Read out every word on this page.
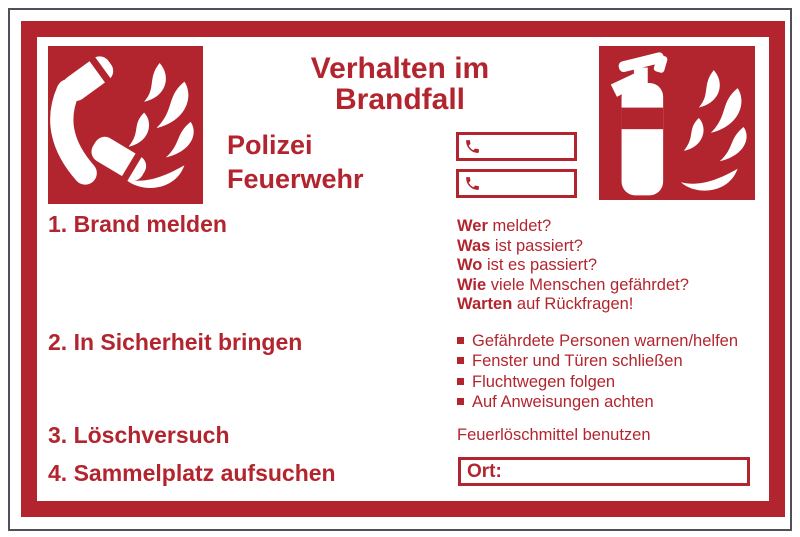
Verhalten im
Brandfall
Polizei
Feuerwehr
1. Brand melden
2. In Sicherheit bringen
3. Löschversuch
4. Sammelplatz aufsuchen
Wer meldet?
Was ist passiert?
Wo ist es passiert?
Wie viele Menschen gefährdet?
Warten auf Rückfragen!
Gefährdete Personen warnen/helfen
Fenster und Türen schließen
Fluchtwegen folgen
Auf Anweisungen achten
Feuerlöschmittel benutzen
Ort:
